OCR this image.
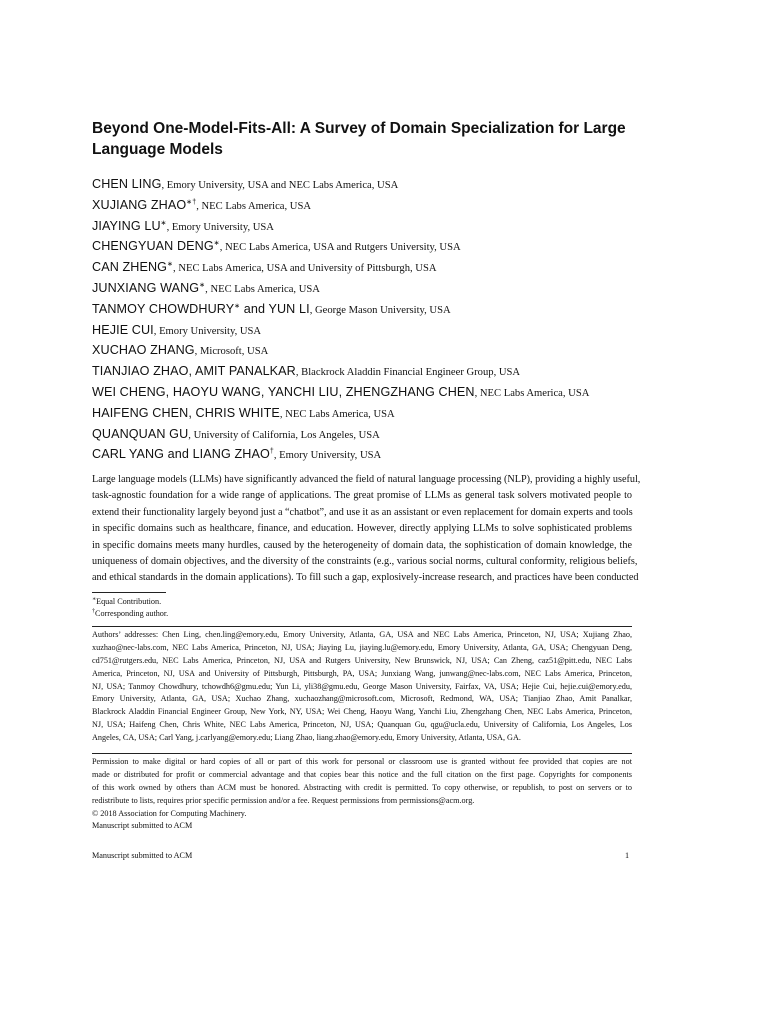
Beyond One-Model-Fits-All: A Survey of Domain Specialization for Large
Language Models
CHEN LING, Emory University, USA and NEC Labs America, USA
XUJIANG ZHAO∗†, NEC Labs America, USA
JIAYING LU∗, Emory University, USA
CHENGYUAN DENG∗, NEC Labs America, USA and Rutgers University, USA
CAN ZHENG∗, NEC Labs America, USA and University of Pittsburgh, USA
JUNXIANG WANG∗, NEC Labs America, USA
TANMOY CHOWDHURY∗ and YUN LI, George Mason University, USA
HEJIE CUI, Emory University, USA
XUCHAO ZHANG, Microsoft, USA
TIANJIAO ZHAO, AMIT PANALKAR, Blackrock Aladdin Financial Engineer Group, USA
WEI CHENG, HAOYU WANG, YANCHI LIU, ZHENGZHANG CHEN, NEC Labs America, USA
HAIFENG CHEN, CHRIS WHITE, NEC Labs America, USA
QUANQUAN GU, University of California, Los Angeles, USA
CARL YANG and LIANG ZHAO†, Emory University, USA
Large language models (LLMs) have significantly advanced the field of natural language processing (NLP), providing a highly useful,
task-agnostic foundation for a wide range of applications. The great promise of LLMs as general task solvers motivated people to
extend their functionality largely beyond just a “chatbot”, and use it as an assistant or even replacement for domain experts and tools
in specific domains such as healthcare, finance, and education. However, directly applying LLMs to solve sophisticated problems
in specific domains meets many hurdles, caused by the heterogeneity of domain data, the sophistication of domain knowledge, the
uniqueness of domain objectives, and the diversity of the constraints (e.g., various social norms, cultural conformity, religious beliefs,
and ethical standards in the domain applications). To fill such a gap, explosively-increase research, and practices have been conducted
∗Equal Contribution.
†Corresponding author.
Authors’ addresses: Chen Ling, chen.ling@emory.edu, Emory University, Atlanta, GA, USA and NEC Labs America, Princeton, NJ, USA; Xujiang Zhao,
xuzhao@nec-labs.com, NEC Labs America, Princeton, NJ, USA; Jiaying Lu, jiaying.lu@emory.edu, Emory University, Atlanta, GA, USA; Chengyuan Deng,
cd751@rutgers.edu, NEC Labs America, Princeton, NJ, USA and Rutgers University, New Brunswick, NJ, USA; Can Zheng, caz51@pitt.edu, NEC Labs
America, Princeton, NJ, USA and University of Pittsburgh, Pittsburgh, PA, USA; Junxiang Wang, junwang@nec-labs.com, NEC Labs America, Princeton,
NJ, USA; Tanmoy Chowdhury, tchowdh6@gmu.edu; Yun Li, yli38@gmu.edu, George Mason University, Fairfax, VA, USA; Hejie Cui, hejie.cui@emory.edu,
Emory University, Atlanta, GA, USA; Xuchao Zhang, xuchaozhang@microsoft.com, Microsoft, Redmond, WA, USA; Tianjiao Zhao, Amit Panalkar,
Blackrock Aladdin Financial Engineer Group, New York, NY, USA; Wei Cheng, Haoyu Wang, Yanchi Liu, Zhengzhang Chen, NEC Labs America, Princeton,
NJ, USA; Haifeng Chen, Chris White, NEC Labs America, Princeton, NJ, USA; Quanquan Gu, qgu@ucla.edu, University of California, Los Angeles, Los
Angeles, CA, USA; Carl Yang, j.carlyang@emory.edu; Liang Zhao, liang.zhao@emory.edu, Emory University, Atlanta, USA, GA.
Permission to make digital or hard copies of all or part of this work for personal or classroom use is granted without fee provided that copies are not
made or distributed for profit or commercial advantage and that copies bear this notice and the full citation on the first page. Copyrights for components
of this work owned by others than ACM must be honored. Abstracting with credit is permitted. To copy otherwise, or republish, to post on servers or to
redistribute to lists, requires prior specific permission and/or a fee. Request permissions from permissions@acm.org.
© 2018 Association for Computing Machinery.
Manuscript submitted to ACM
Manuscript submitted to ACM	1
